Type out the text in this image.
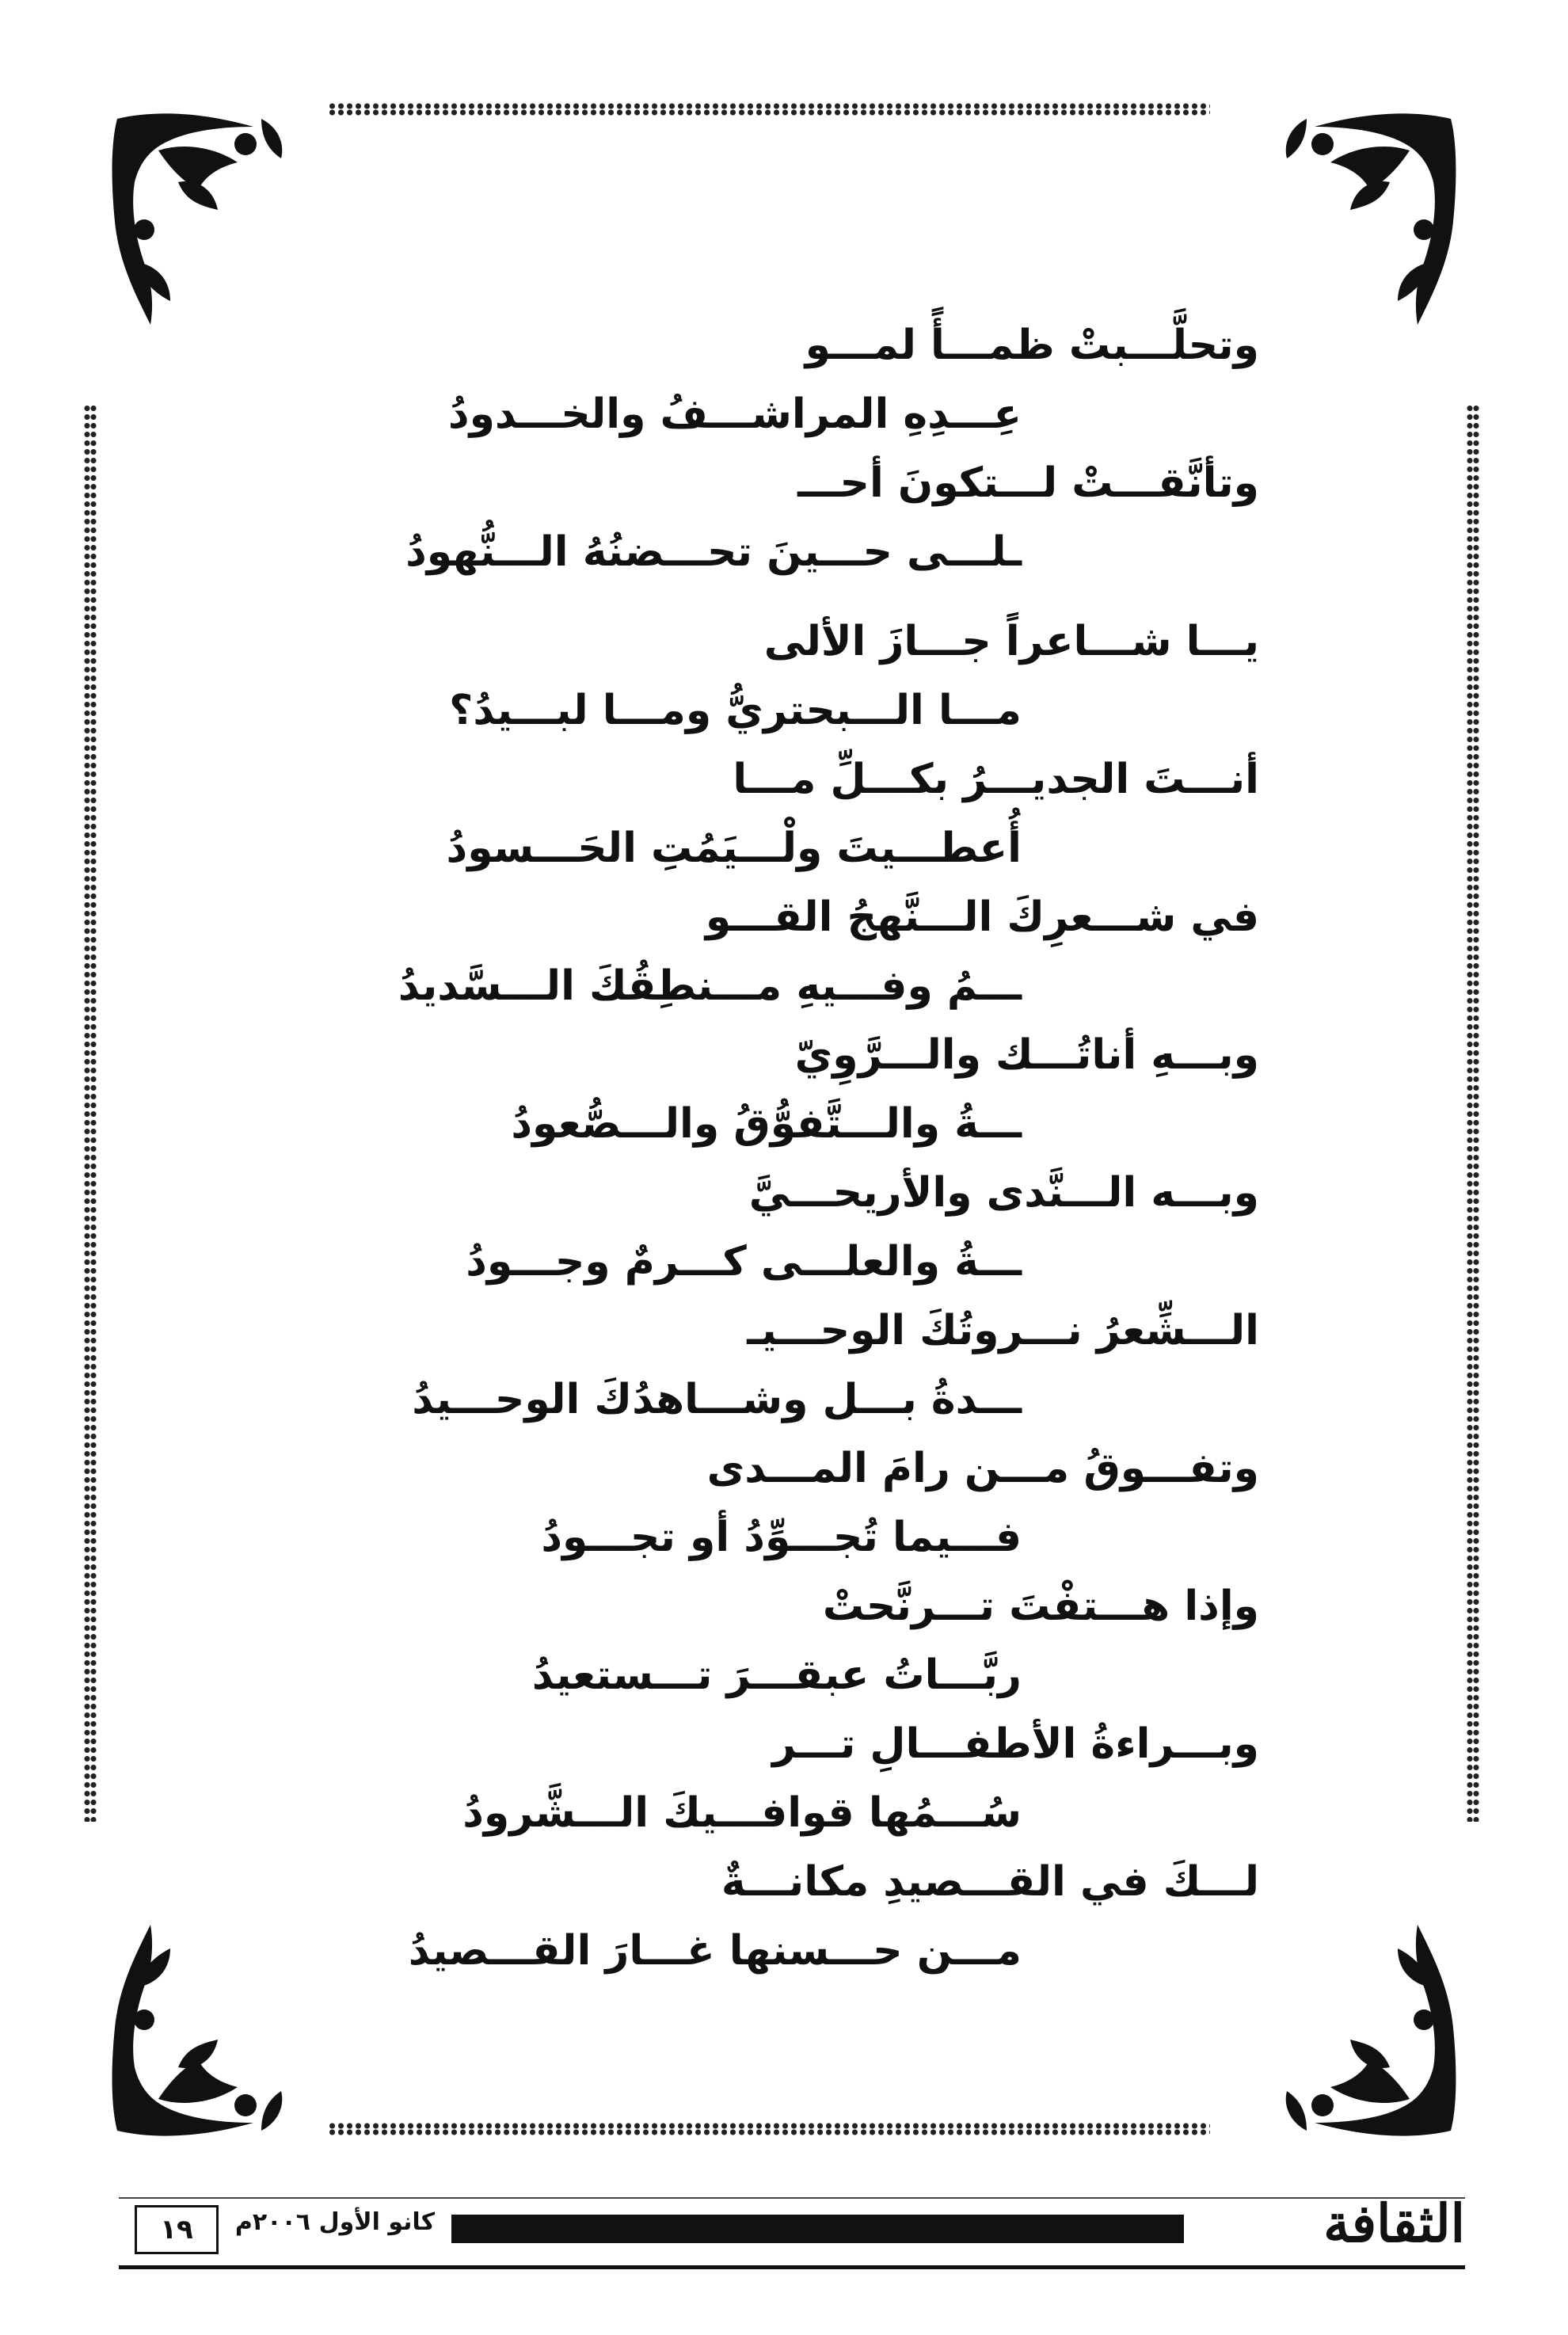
وتحلَّـــبتْ ظمـــأً لمـــو
عِـــدِهِ المراشـــفُ والخـــدودُ
وتأنَّقـــتْ لـــتكونَ أحـــ
ـلـــى حـــينَ تحـــضنُهُ الـــنُّهودُ
يـــا شـــاعراً جـــازَ الألى
مـــا الـــبحتريُّ ومـــا لبـــيدُ؟
أنـــتَ الجديـــرُ بكـــلِّ مـــا
أُعطـــيتَ ولْـــيَمُتِ الحَـــسودُ
في شـــعرِكَ الـــنَّهجُ القـــو
ـــمُ وفـــيهِ مـــنطِقُكَ الـــسَّديدُ
وبـــهِ أناتُـــك والـــرَّوِيّ
ـــةُ والـــتَّفوُّقُ والـــصُّعودُ
وبـــه الـــنَّدى والأريحـــيَّ
ـــةُ والعلـــى كـــرمٌ وجـــودُ
الـــشِّعرُ نـــروتُكَ الوحـــيـ
ـــدةُ بـــل وشـــاهدُكَ الوحـــيدُ
وتفـــوقُ مـــن رامَ المـــدى
فـــيما تُجـــوِّدُ أو تجـــودُ
وإذا هـــتفْتَ تـــرنَّحتْ
ربَّـــاتُ عبقـــرَ تـــستعيدُ
وبـــراءةُ الأطفـــالِ تـــر
سُـــمُها قوافـــيكَ الـــشَّرودُ
لـــكَ في القـــصيدِ مكانـــةٌ
مـــن حـــسنها غـــارَ القـــصيدُ
١٩	كانو الأول ٢٠٠٦م	الثقافة
